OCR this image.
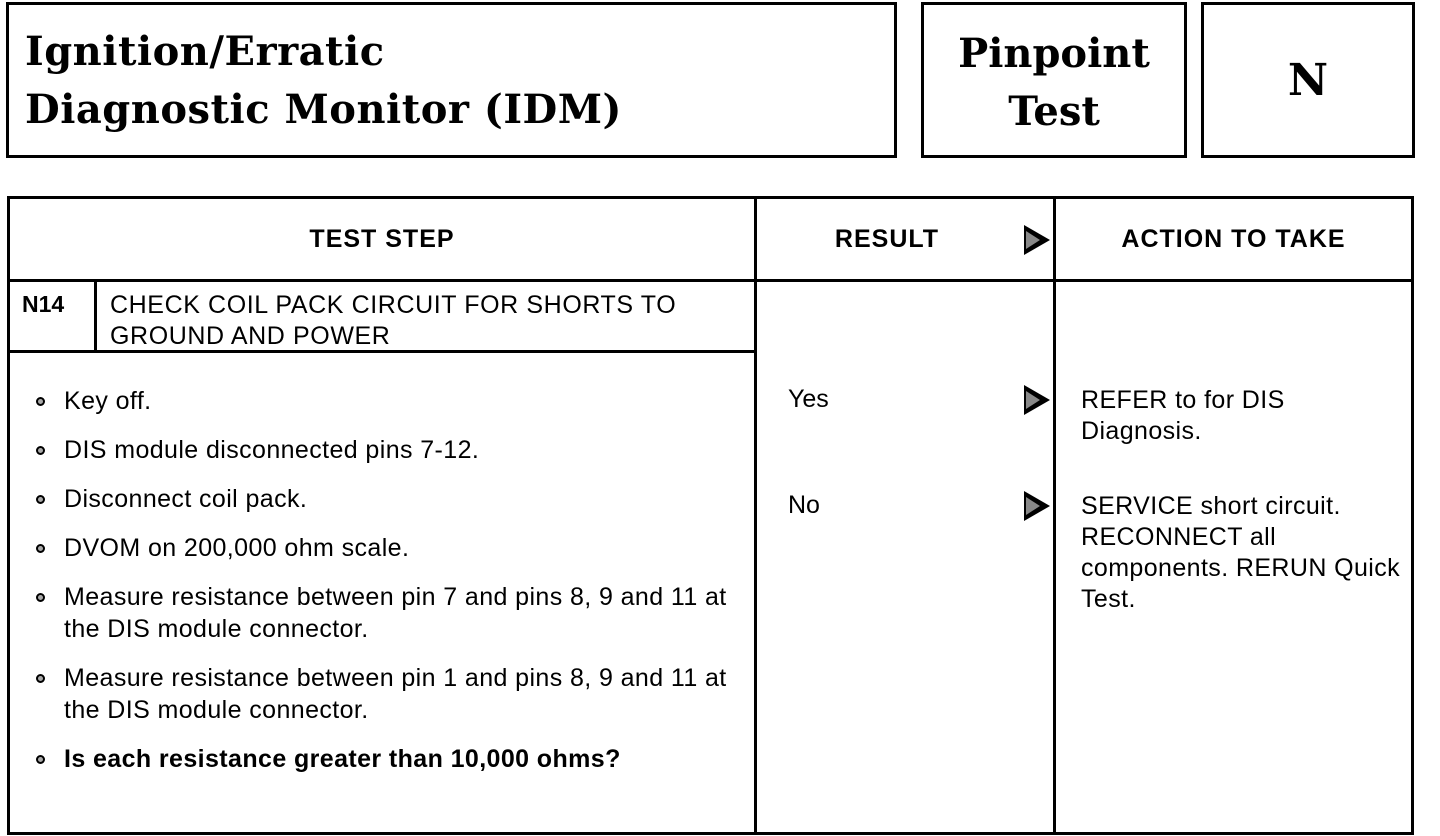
Ignition/Erratic
Diagnostic Monitor (IDM)
Pinpoint
Test
N
TEST STEP	RESULT	ACTION TO TAKE
N14 CHECK COIL PACK CIRCUIT FOR SHORTS TO GROUND AND POWER
Key off.
DIS module disconnected pins 7-12.
Disconnect coil pack.
DVOM on 200,000 ohm scale.
Measure resistance between pin 7 and pins 8, 9 and 11 at the DIS module connector.
Measure resistance between pin 1 and pins 8, 9 and 11 at the DIS module connector.
Is each resistance greater than 10,000 ohms?
Yes	REFER to for DIS Diagnosis.
No	SERVICE short circuit. RECONNECT all components. RERUN Quick Test.
